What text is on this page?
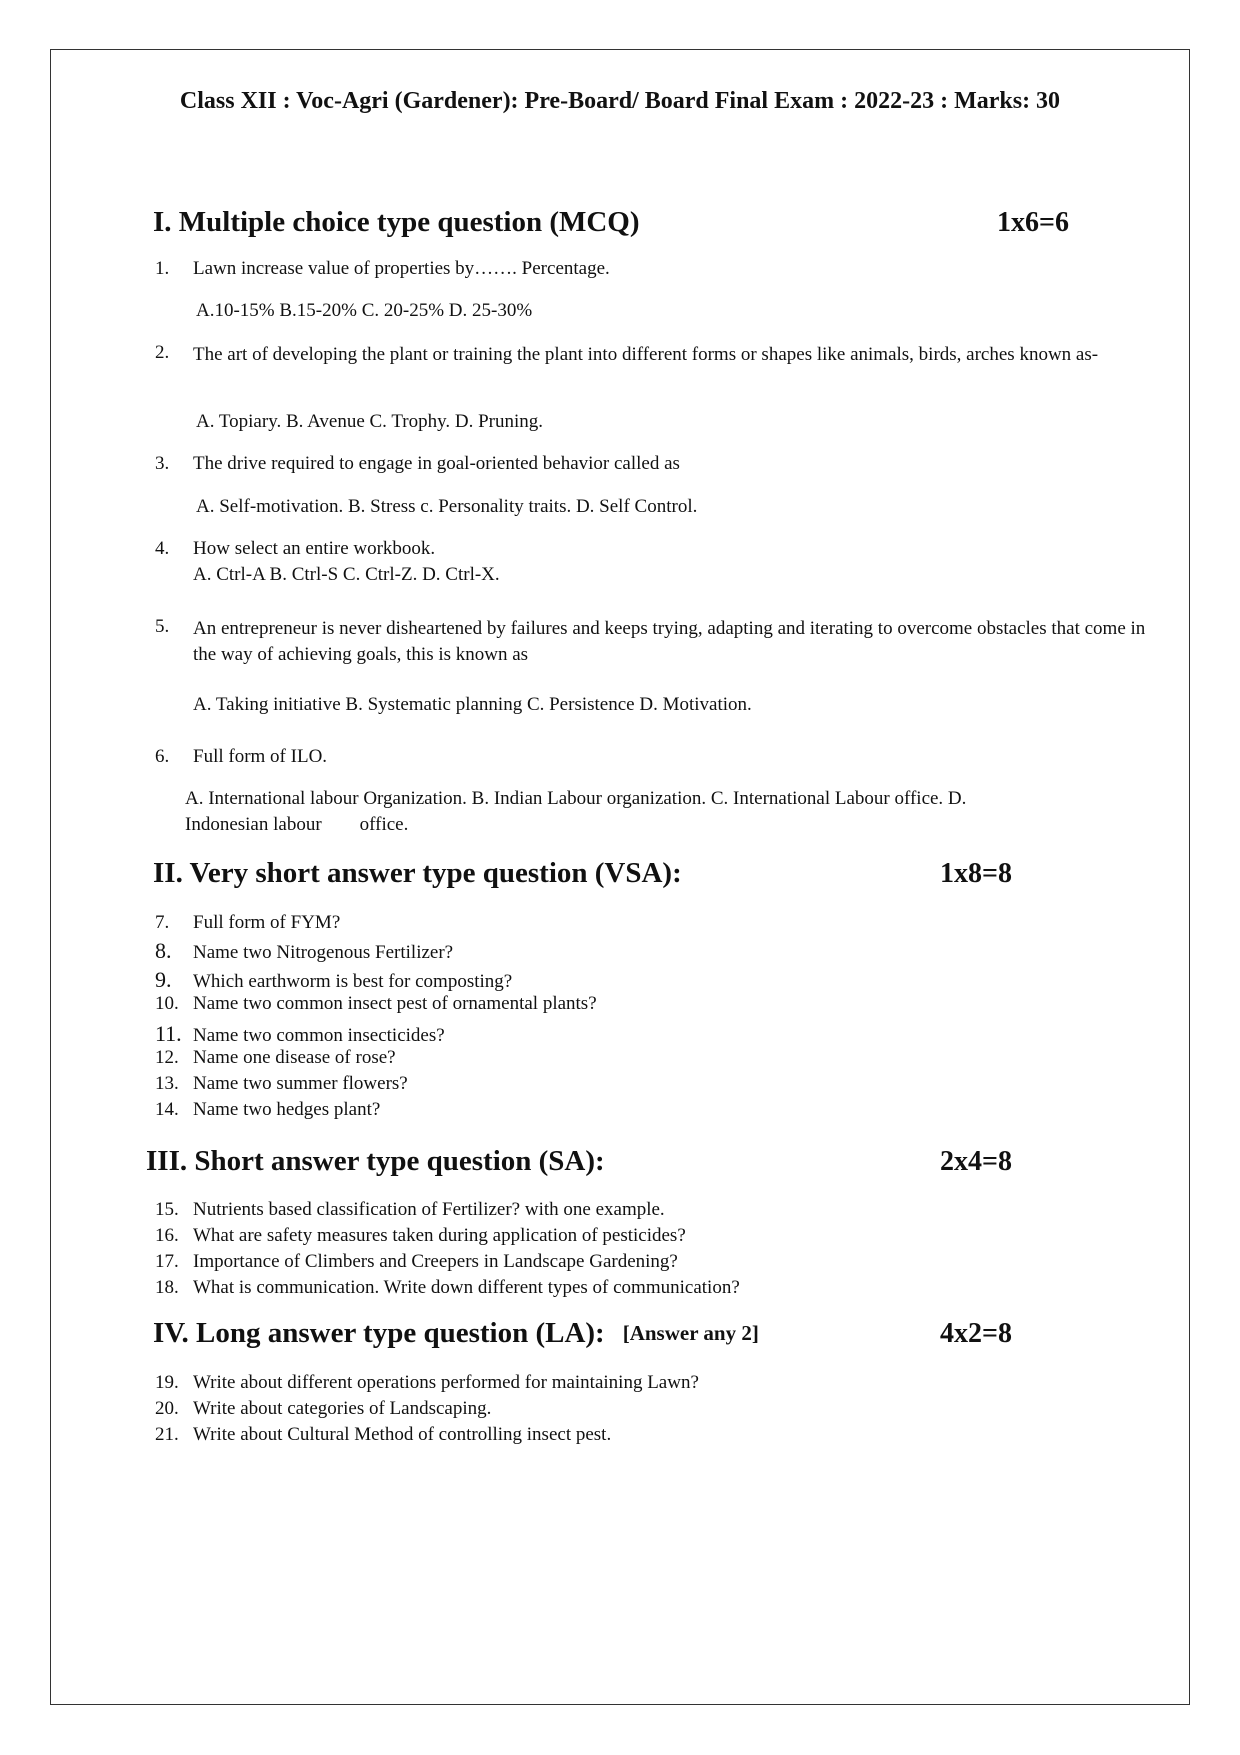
Class XII : Voc-Agri (Gardener): Pre-Board/ Board Final Exam : 2022-23 : Marks: 30
I. Multiple choice type question (MCQ)	1x6=6
1. Lawn increase value of properties by……. Percentage.
A.10-15% B.15-20% C. 20-25% D. 25-30%
2.	The art of developing the plant or training the plant into different forms or shapes like animals, birds, arches known as-
A. Topiary. B. Avenue C. Trophy. D. Pruning.
3. The drive required to engage in goal-oriented behavior called as
A. Self-motivation. B. Stress c. Personality traits. D. Self Control.
4. How select an entire workbook.
A. Ctrl-A B. Ctrl-S C. Ctrl-Z. D. Ctrl-X.
5.	An entrepreneur is never disheartened by failures and keeps trying, adapting and iterating to overcome obstacles that come in the way of achieving goals, this is known as
A. Taking initiative B. Systematic planning C. Persistence D. Motivation.
6. Full form of ILO.
A. International labour Organization. B. Indian Labour organization. C. International Labour office. D.
Indonesian labour        office.
II. Very short answer type question (VSA):	1x8=8
7. Full form of FYM?
8. Name two Nitrogenous Fertilizer?
9. Which earthworm is best for composting?
10. Name two common insect pest of ornamental plants?
11. Name two common insecticides?
12. Name one disease of rose?
13. Name two summer flowers?
14. Name two hedges plant?
III. Short answer type question (SA):	2x4=8
15. Nutrients based classification of Fertilizer? with one example.
16. What are safety measures taken during application of pesticides?
17. Importance of Climbers and Creepers in Landscape Gardening?
18. What is communication. Write down different types of communication?
IV. Long answer type question (LA): [Answer any 2]	4x2=8
19. Write about different operations performed for maintaining Lawn?
20. Write about categories of Landscaping.
21. Write about Cultural Method of controlling insect pest.
